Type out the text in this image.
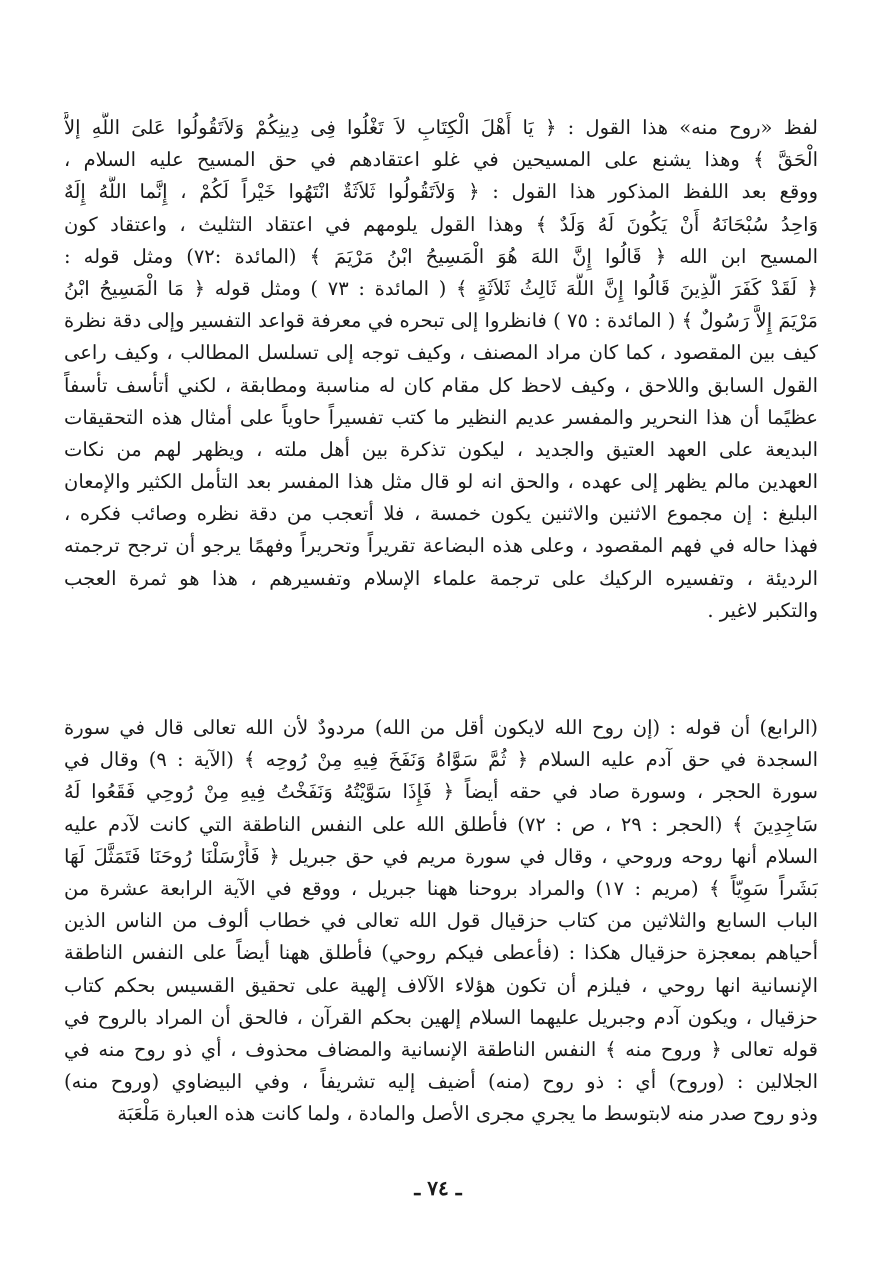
لفظ «روح منه» هذا القول : ﴿ يَا أَهْلَ الْكِتَابِ لاَ تَغْلُوا فِى دِينِكُمْ وَلاَتَقُولُوا عَلىَ اللَّهِ إلاَّ
الْحَقَّ ﴾ وهذا يشنع على المسيحين في غلو اعتقادهم في حق المسيح عليه السلام ،
ووقع بعد اللفظ المذكور هذا القول : ﴿ وَلاَتَقُولُوا ثَلاَثَةٌ انْتَهُوا خَيْراً لَكُمْ ، إِنَّما اللَّهُ إِلَهٌ
وَاحِدُ سُبْحَانَهُ أَنْ يَكُونَ لَهُ وَلَدٌ ﴾ وهذا القول يلومهم في اعتقاد التثليث ، واعتقاد كون
المسيح ابن الله ﴿ قَالُوا إِنَّ اللهَ هُوَ الْمَسِيحُ ابْنُ مَرْيَمَ ﴾ (المائدة :٧٢) ومثل قوله :
﴿ لَقَدْ كَفَرَ الَّذِينَ قَالُوا إِنَّ اللَّهَ ثَالِثُ ثَلاَثَةٍ ﴾ ( المائدة : ٧٣ ) ومثل قوله ﴿ مَا الْمَسِيحُ ابْنُ
مَرْيَمَ إِلاَّ رَسُولٌ ﴾ ( المائدة : ٧٥ ) فانظروا إلى تبحره في معرفة قواعد التفسير وإلى دقة نظرة
كيف بين المقصود ، كما كان مراد المصنف ، وكيف توجه إلى تسلسل المطالب ، وكيف راعى
القول السابق واللاحق ، وكيف لاحظ كل مقام كان له مناسبة ومطابقة ، لكني أتأسف تأسفاً
عظيًما أن هذا النحرير والمفسر عديم النظير ما كتب تفسيراً حاوياً على أمثال هذه التحقيقات
البديعة على العهد العتيق والجديد ، ليكون تذكرة بين أهل ملته ، ويظهر لهم من نكات
العهدين مالم يظهر إلى عهده ، والحق انه لو قال مثل هذا المفسر بعد التأمل الكثير والإمعان
البليغ : إن مجموع الاثنين والاثنين يكون خمسة ، فلا أتعجب من دقة نظره وصائب فكره ،
فهذا حاله في فهم المقصود ، وعلى هذه البضاعة تقريراً وتحريراً وفهمًا يرجو أن ترجح ترجمته
الرديئة ، وتفسيره الركيك على ترجمة علماء الإسلام وتفسيرهم ، هذا هو ثمرة العجب
والتكبر لاغير .
(الرابع) أن قوله : (إن روح الله لايكون أقل من الله) مردودٌ لأن الله تعالى قال في سورة
السجدة في حق آدم عليه السلام ﴿ ثُمَّ سَوَّاهُ وَنَفَخَ فِيهِ مِنْ رُوحِه ﴾ (الآية : ٩) وقال في
سورة الحجر ، وسورة صاد في حقه أيضاً ﴿ فَإِذَا سَوَّيْتُهُ وَنَفَخْتُ فِيهِ مِنْ رُوحِي فَقَعُوا لَهُ
سَاجِدِينَ ﴾ (الحجر : ٢٩ ، ص : ٧٢) فأطلق الله على النفس الناطقة التي كانت لآدم عليه
السلام أنها روحه وروحي ، وقال في سورة مريم في حق جبريل ﴿ فَأَرْسَلْنَا رُوحَنَا فَتَمَثَّلَ لَهَا
بَشَراً سَوِيّاً ﴾ (مريم : ١٧) والمراد بروحنا ههنا جبريل ، ووقع في الآية الرابعة عشرة من
الباب السابع والثلاثين من كتاب حزقيال قول الله تعالى في خطاب ألوف من الناس الذين
أحياهم بمعجزة حزقيال هكذا : (فأعطى فيكم روحي) فأطلق ههنا أيضاً على النفس الناطقة
الإنسانية انها روحي ، فيلزم أن تكون هؤلاء الآلاف إلهية على تحقيق القسيس بحكم كتاب
حزقيال ، ويكون آدم وجبريل عليهما السلام إلهين بحكم القرآن ، فالحق أن المراد بالروح في
قوله تعالى ﴿ وروح منه ﴾ النفس الناطقة الإنسانية والمضاف محذوف ، أي ذو روح منه في
الجلالين : (وروح) أي : ذو روح (منه) أضيف إليه تشريفاً ، وفي البيضاوي (وروح منه)
وذو روح صدر منه لابتوسط ما يجري مجرى الأصل والمادة ، ولما كانت هذه العبارة مَلْعَبَة
ـ ٧٤ ـ
